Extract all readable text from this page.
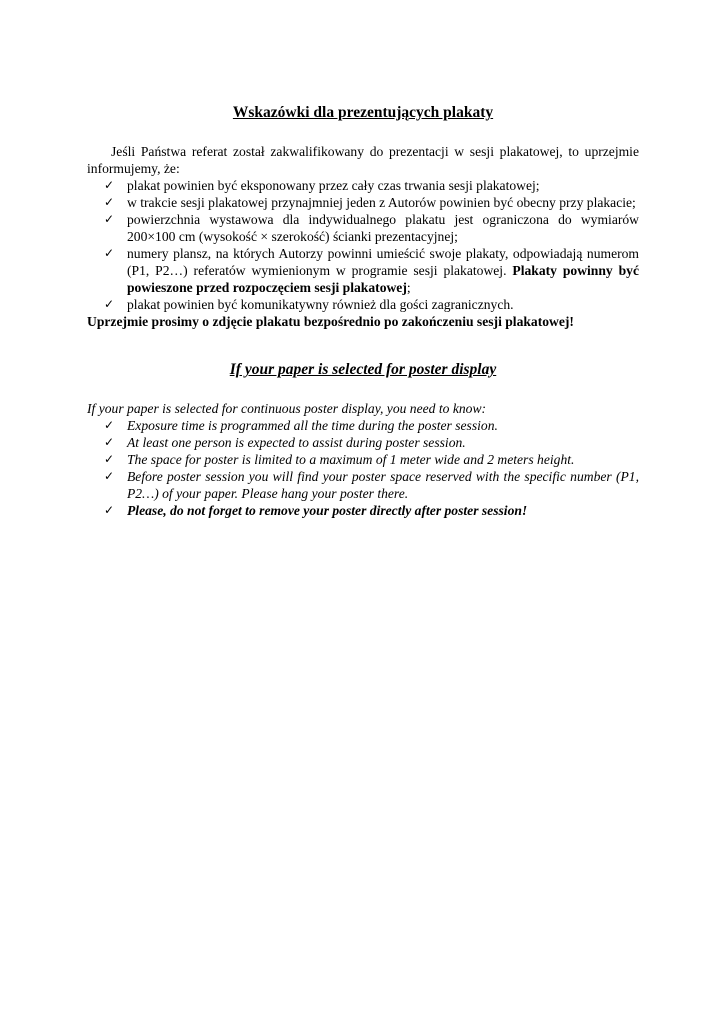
Wskazówki dla prezentujących plakaty

Jeśli Państwa referat został zakwalifikowany do prezentacji w sesji plakatowej, to uprzejmie informujemy, że:

✓ plakat powinien być eksponowany przez cały czas trwania sesji plakatowej;
✓ w trakcie sesji plakatowej przynajmniej jeden z Autorów powinien być obecny przy plakacie;
✓ powierzchnia wystawowa dla indywidualnego plakatu jest ograniczona do wymiarów 200×100 cm (wysokość × szerokość) ścianki prezentacyjnej;
✓ numery plansz, na których Autorzy powinni umieścić swoje plakaty, odpowiadają numerom (P1, P2…) referatów wymienionym w programie sesji plakatowej. Plakaty powinny być powieszone przed rozpoczęciem sesji plakatowej;
✓ plakat powinien być komunikatywny również dla gości zagranicznych.

Uprzejmie prosimy o zdjęcie plakatu bezpośrednio po zakończeniu sesji plakatowej!

If your paper is selected for poster display

If your paper is selected for continuous poster display, you need to know:

✓ Exposure time is programmed all the time during the poster session.
✓ At least one person is expected to assist during poster session.
✓ The space for poster is limited to a maximum of 1 meter wide and 2 meters height.
✓ Before poster session you will find your poster space reserved with the specific number (P1, P2…) of your paper. Please hang your poster there.
✓ Please, do not forget to remove your poster directly after poster session!
